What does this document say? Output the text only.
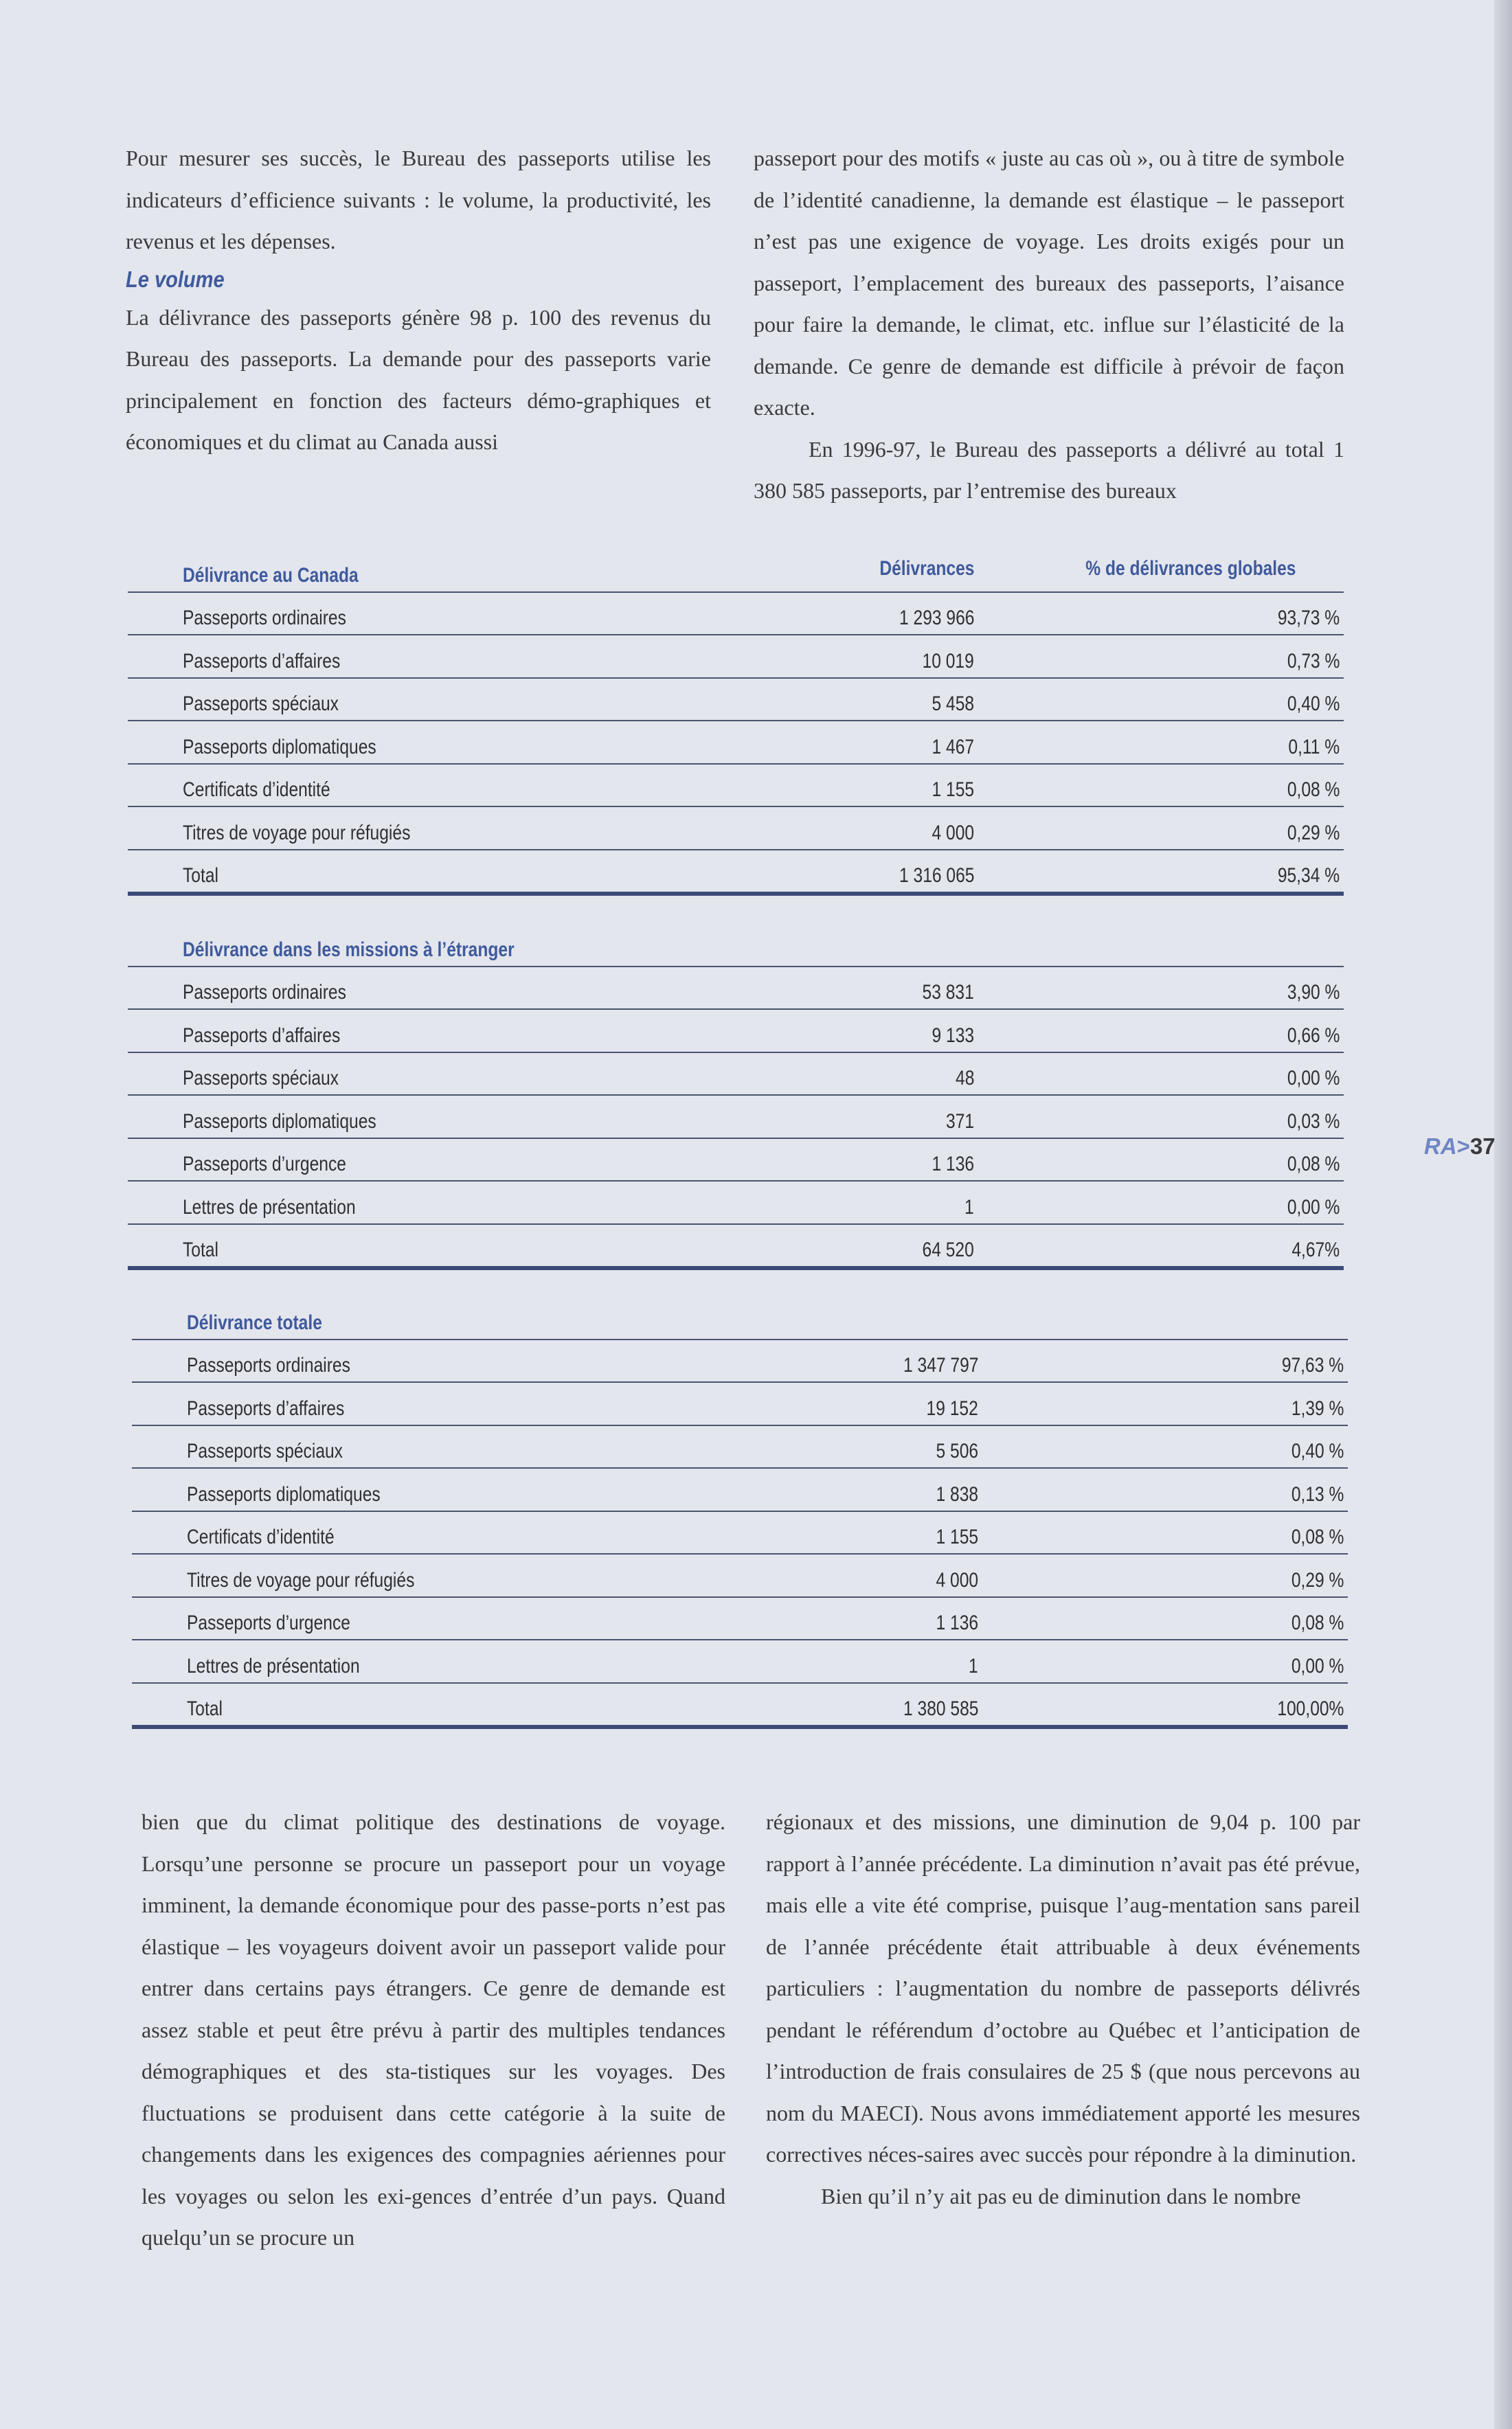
Pour mesurer ses succès, le Bureau des passeports utilise les indicateurs d’efficience suivants : le volume, la productivité, les revenus et les dépenses.

Le volume

La délivrance des passeports génère 98 p. 100 des revenus du Bureau des passeports. La demande pour des passeports varie principalement en fonction des facteurs démo-graphiques et économiques et du climat au Canada aussi

passeport pour des motifs « juste au cas où », ou à titre de symbole de l’identité canadienne, la demande est élastique – le passeport n’est pas une exigence de voyage. Les droits exigés pour un passeport, l’emplacement des bureaux des passeports, l’aisance pour faire la demande, le climat, etc. influe sur l’élasticité de la demande. Ce genre de demande est difficile à prévoir de façon exacte.

En 1996-97, le Bureau des passeports a délivré au total 1 380 585 passeports, par l’entremise des bureaux

Délivrance au Canada	Délivrances	% de délivrances globales
Passeports ordinaires	1 293 966	93,73 %
Passeports d’affaires	10 019	0,73 %
Passeports spéciaux	5 458	0,40 %
Passeports diplomatiques	1 467	0,11 %
Certificats d’identité	1 155	0,08 %
Titres de voyage pour réfugiés	4 000	0,29 %
Total	1 316 065	95,34 %
Délivrance dans les missions à l’étranger
Passeports ordinaires	53 831	3,90 %
Passeports d’affaires	9 133	0,66 %
Passeports spéciaux	48	0,00 %
Passeports diplomatiques	371	0,03 %
Passeports d’urgence	1 136	0,08 %
Lettres de présentation	1	0,00 %
Total	64 520	4,67%
Délivrance totale
Passeports ordinaires	1 347 797	97,63 %
Passeports d’affaires	19 152	1,39 %
Passeports spéciaux	5 506	0,40 %
Passeports diplomatiques	1 838	0,13 %
Certificats d’identité	1 155	0,08 %
Titres de voyage pour réfugiés	4 000	0,29 %
Passeports d’urgence	1 136	0,08 %
Lettres de présentation	1	0,00 %
Total	1 380 585	100,00%
RA>37

bien que du climat politique des destinations de voyage. Lorsqu’une personne se procure un passeport pour un voyage imminent, la demande économique pour des passe-ports n’est pas élastique – les voyageurs doivent avoir un passeport valide pour entrer dans certains pays étrangers. Ce genre de demande est assez stable et peut être prévu à partir des multiples tendances démographiques et des sta-tistiques sur les voyages. Des fluctuations se produisent dans cette catégorie à la suite de changements dans les exigences des compagnies aériennes pour les voyages ou selon les exi-gences d’entrée d’un pays. Quand quelqu’un se procure un

régionaux et des missions, une diminution de 9,04 p. 100 par rapport à l’année précédente. La diminution n’avait pas été prévue, mais elle a vite été comprise, puisque l’aug-mentation sans pareil de l’année précédente était attribuable à deux événements particuliers : l’augmentation du nombre de passeports délivrés pendant le référendum d’octobre au Québec et l’anticipation de l’introduction de frais consulaires de 25 $ (que nous percevons au nom du MAECI). Nous avons immédiatement apporté les mesures correctives néces-saires avec succès pour répondre à la diminution.

Bien qu’il n’y ait pas eu de diminution dans le nombre
